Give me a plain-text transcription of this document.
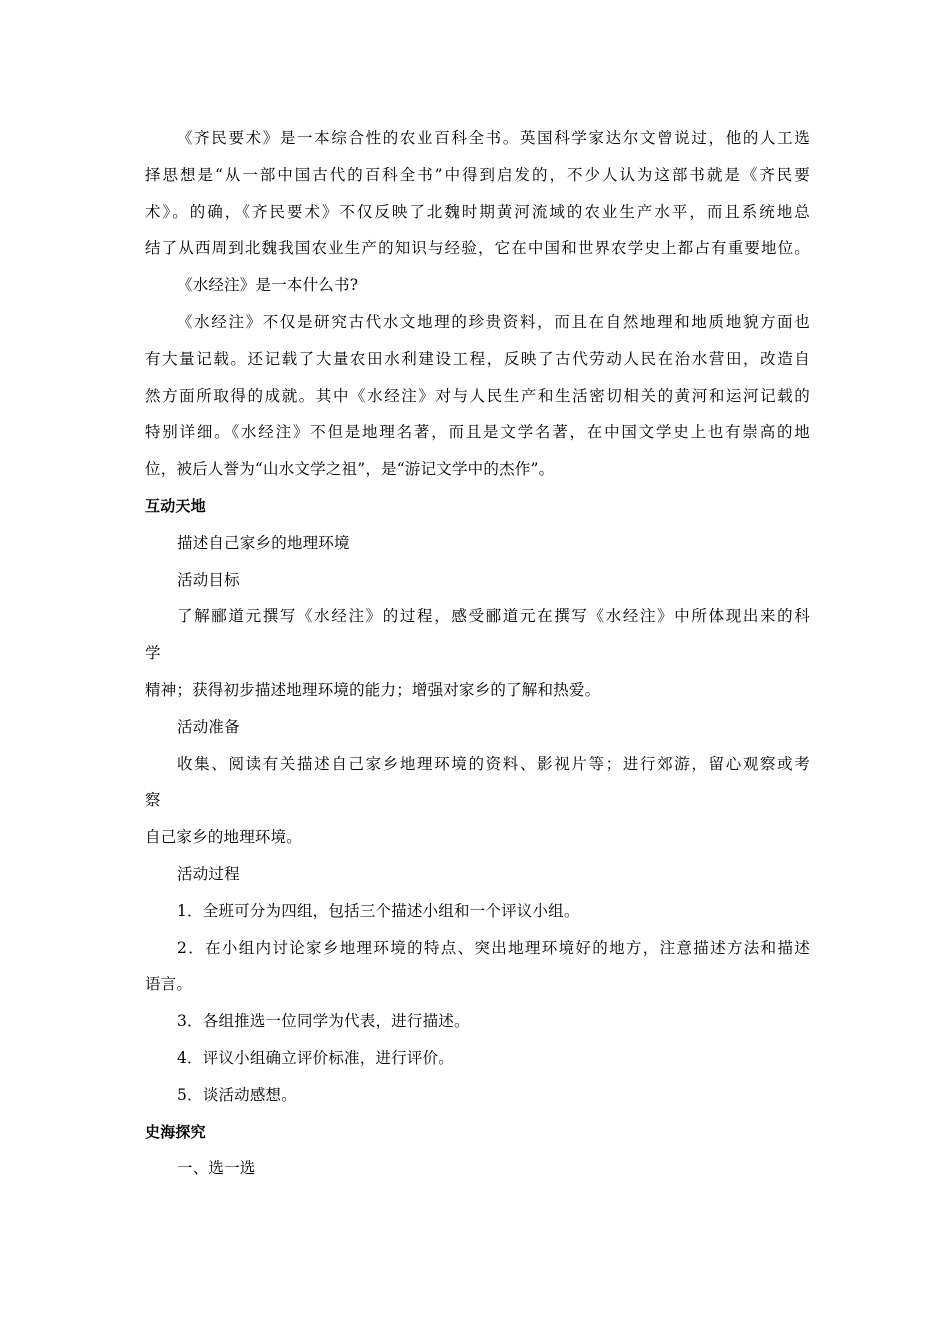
《齐民要术》是一本综合性的农业百科全书。英国科学家达尔文曾说过，他的人工选
择思想是“从一部中国古代的百科全书”中得到启发的，不少人认为这部书就是《齐民要
术》。的确，《齐民要术》不仅反映了北魏时期黄河流域的农业生产水平，而且系统地总
结了从西周到北魏我国农业生产的知识与经验，它在中国和世界农学史上都占有重要地位。
《水经注》是一本什么书?
《水经注》不仅是研究古代水文地理的珍贵资料，而且在自然地理和地质地貌方面也
有大量记载。还记载了大量农田水利建设工程，反映了古代劳动人民在治水营田，改造自
然方面所取得的成就。其中《水经注》对与人民生产和生活密切相关的黄河和运河记载的
特别详细。《水经注》不但是地理名著，而且是文学名著，在中国文学史上也有崇高的地
位，被后人誉为“山水文学之祖”，是“游记文学中的杰作”。
互动天地
描述自己家乡的地理环境
活动目标
了解郦道元撰写《水经注》的过程，感受郦道元在撰写《水经注》中所体现出来的科
学
精神；获得初步描述地理环境的能力；增强对家乡的了解和热爱。
活动准备
收集、阅读有关描述自己家乡地理环境的资料、影视片等；进行郊游，留心观察或考
察
自己家乡的地理环境。
活动过程
1．全班可分为四组，包括三个描述小组和一个评议小组。
2．在小组内讨论家乡地理环境的特点、突出地理环境好的地方，注意描述方法和描述
语言。
3．各组推选一位同学为代表，进行描述。
4．评议小组确立评价标准，进行评价。
5．谈活动感想。
史海探究
一、选一选
